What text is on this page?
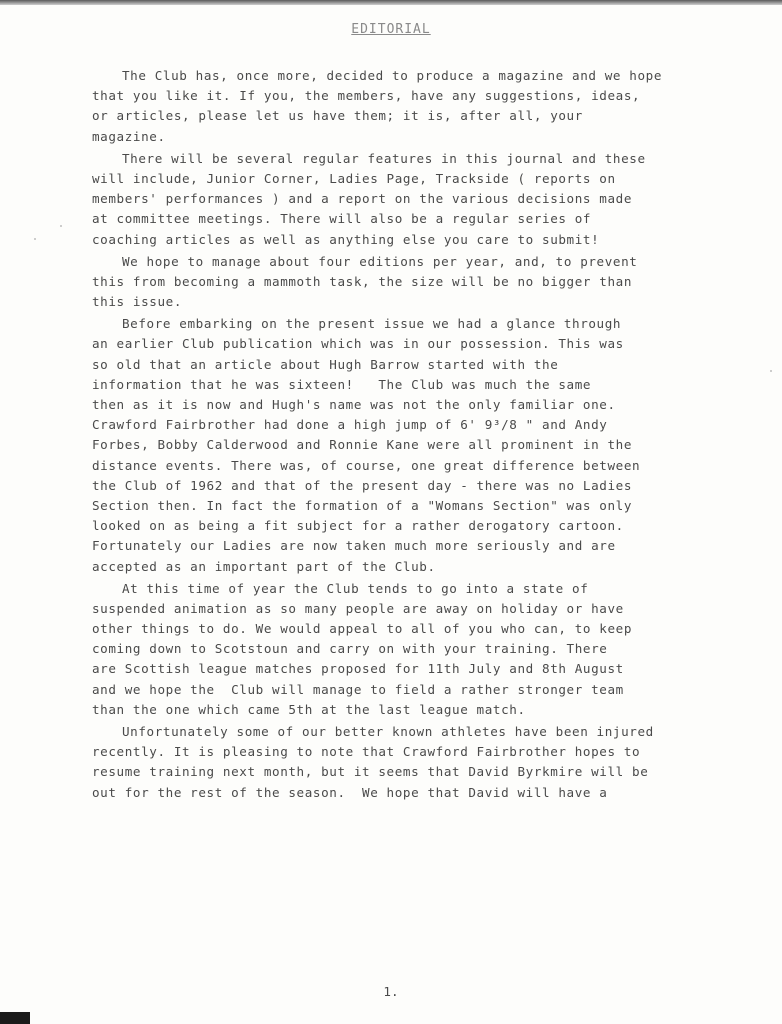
EDITORIAL
The Club has, once more, decided to produce a magazine and we hope
that you like it. If you, the members, have any suggestions, ideas,
or articles, please let us have them; it is, after all, your
magazine.
There will be several regular features in this journal and these
will include, Junior Corner, Ladies Page, Trackside ( reports on
members' performances ) and a report on the various decisions made
at committee meetings. There will also be a regular series of
coaching articles as well as anything else you care to submit!
We hope to manage about four editions per year, and, to prevent
this from becoming a mammoth task, the size will be no bigger than
this issue.
Before embarking on the present issue we had a glance through
an earlier Club publication which was in our possession. This was
so old that an article about Hugh Barrow started with the
information that he was sixteen!   The Club was much the same
then as it is now and Hugh's name was not the only familiar one.
Crawford Fairbrother had done a high jump of 6' 9³/8 " and Andy
Forbes, Bobby Calderwood and Ronnie Kane were all prominent in the
distance events. There was, of course, one great difference between
the Club of 1962 and that of the present day - there was no Ladies
Section then. In fact the formation of a "Womans Section" was only
looked on as being a fit subject for a rather derogatory cartoon.
Fortunately our Ladies are now taken much more seriously and are
accepted as an important part of the Club.
At this time of year the Club tends to go into a state of
suspended animation as so many people are away on holiday or have
other things to do. We would appeal to all of you who can, to keep
coming down to Scotstoun and carry on with your training. There
are Scottish league matches proposed for 11th July and 8th August
and we hope the  Club will manage to field a rather stronger team
than the one which came 5th at the last league match.
Unfortunately some of our better known athletes have been injured
recently. It is pleasing to note that Crawford Fairbrother hopes to
resume training next month, but it seems that David Byrkmire will be
out for the rest of the season.  We hope that David will have a
1.
